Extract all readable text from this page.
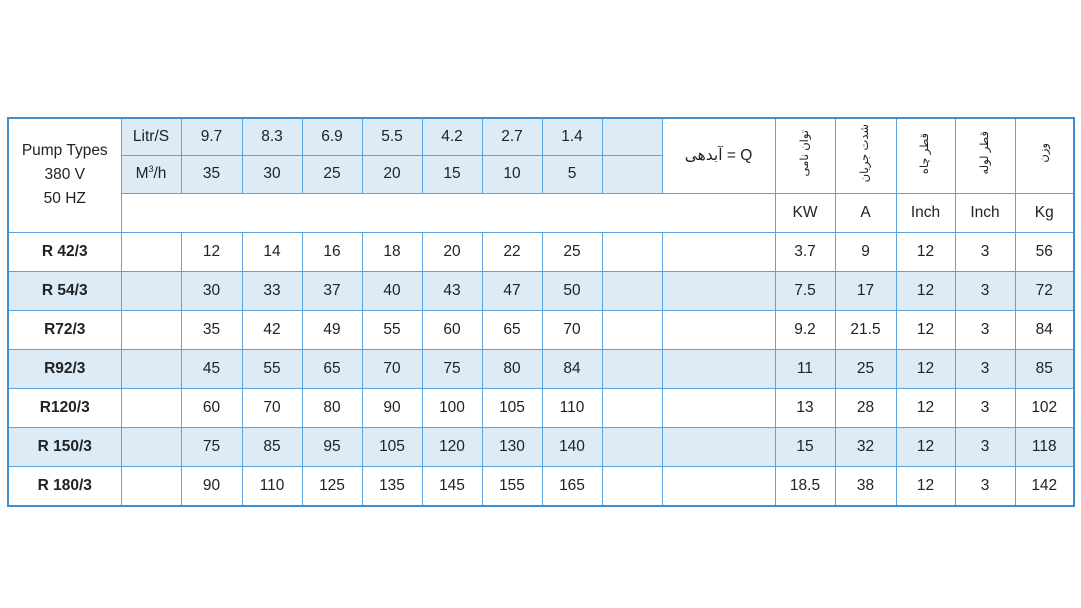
Pump Types
380 V
50 HZ	Litr/S	9.7	8.3	6.9	5.5	4.2	2.7	1.4		Q = آبدهی	توان نامی	شدت جریان	قطر چاه	قطر لوله	وزن
	$M^3/h$	35	30	25	20	15	10	5							
											KW	A	Inch	Inch	Kg
R 42/3		12	14	16	18	20	22	25			3.7	9	12	3	56
R 54/3		30	33	37	40	43	47	50			7.5	17	12	3	72
R72/3		35	42	49	55	60	65	70			9.2	21.5	12	3	84
R92/3		45	55	65	70	75	80	84			11	25	12	3	85
R120/3		60	70	80	90	100	105	110			13	28	12	3	102
R 150/3		75	85	95	105	120	130	140			15	32	12	3	118
R 180/3		90	110	125	135	145	155	165			18.5	38	12	3	142
